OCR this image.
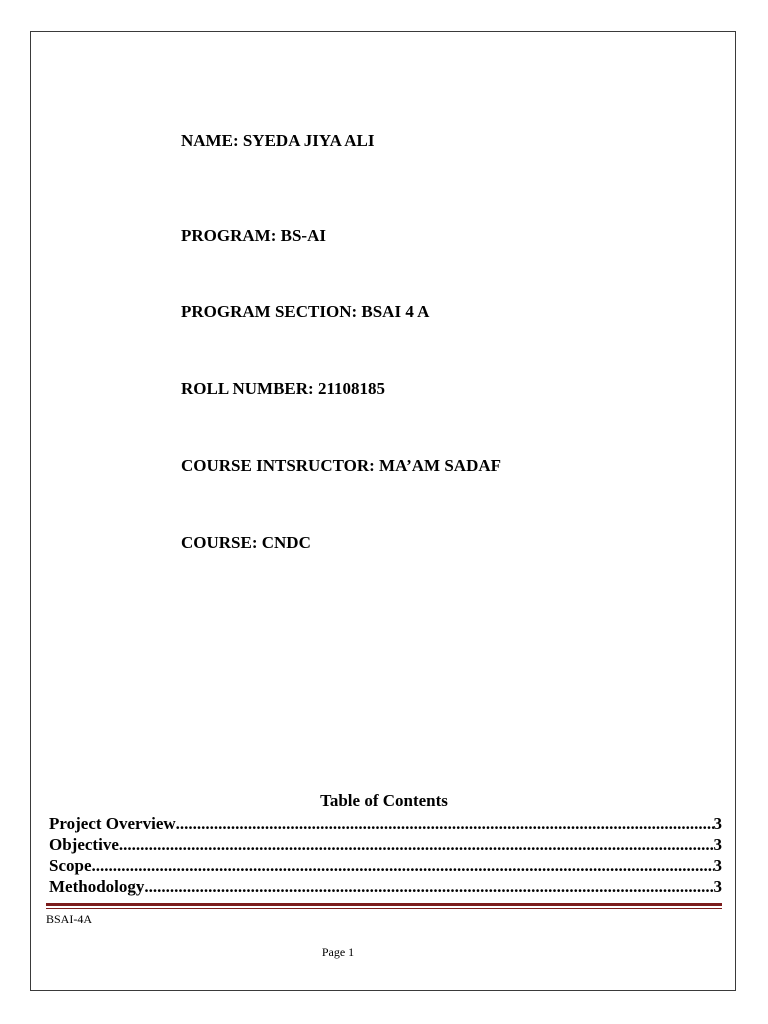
NAME: SYEDA JIYA ALI
PROGRAM: BS-AI
PROGRAM SECTION: BSAI 4 A
ROLL NUMBER: 21108185
COURSE INTSRUCTOR: MA’AM SADAF
COURSE: CNDC
Table of Contents
Project Overview .....	3
Objective .....	3
Scope .....	3
Methodology .....	3
BSAI-4A
Page 1
